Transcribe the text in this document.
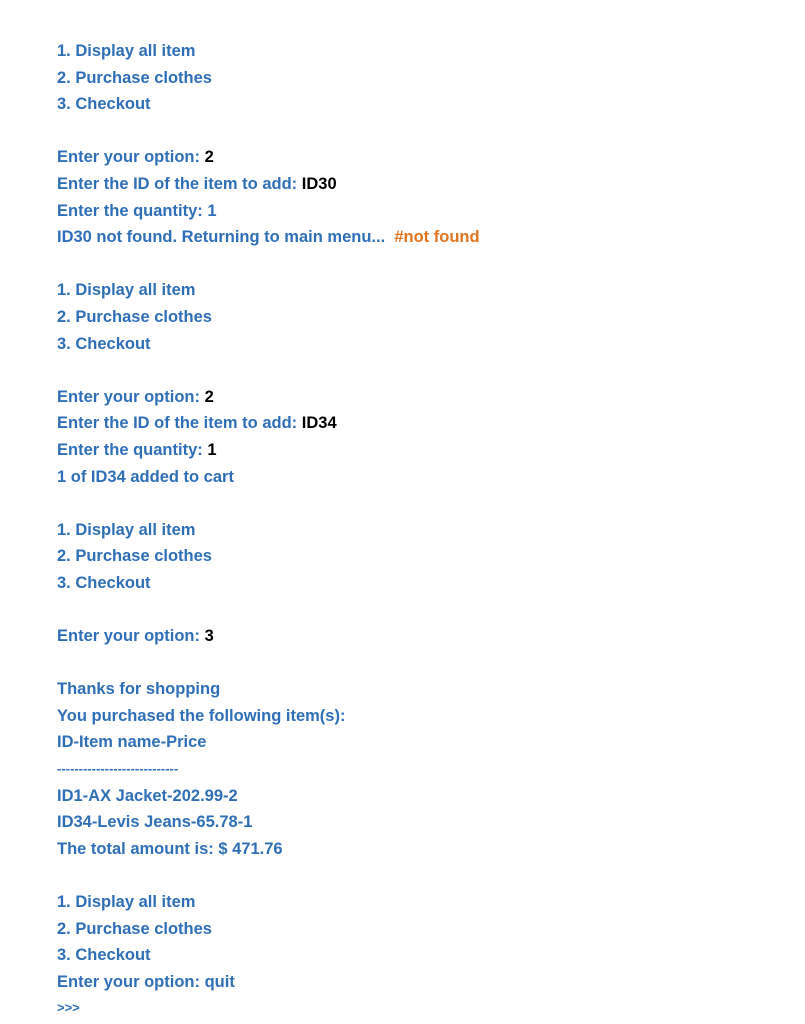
1. Display all item
2. Purchase clothes
3. Checkout
Enter your option: 2
Enter the ID of the item to add: ID30
Enter the quantity: 1
ID30 not found. Returning to main menu... #not found
1. Display all item
2. Purchase clothes
3. Checkout
Enter your option: 2
Enter the ID of the item to add: ID34
Enter the quantity: 1
1 of ID34 added to cart
1. Display all item
2. Purchase clothes
3. Checkout
Enter your option: 3
Thanks for shopping
You purchased the following item(s):
ID-Item name-Price
----------------------------
ID1-AX Jacket-202.99-2
ID34-Levis Jeans-65.78-1
The total amount is: $ 471.76
1. Display all item
2. Purchase clothes
3. Checkout
Enter your option: quit
>>>
